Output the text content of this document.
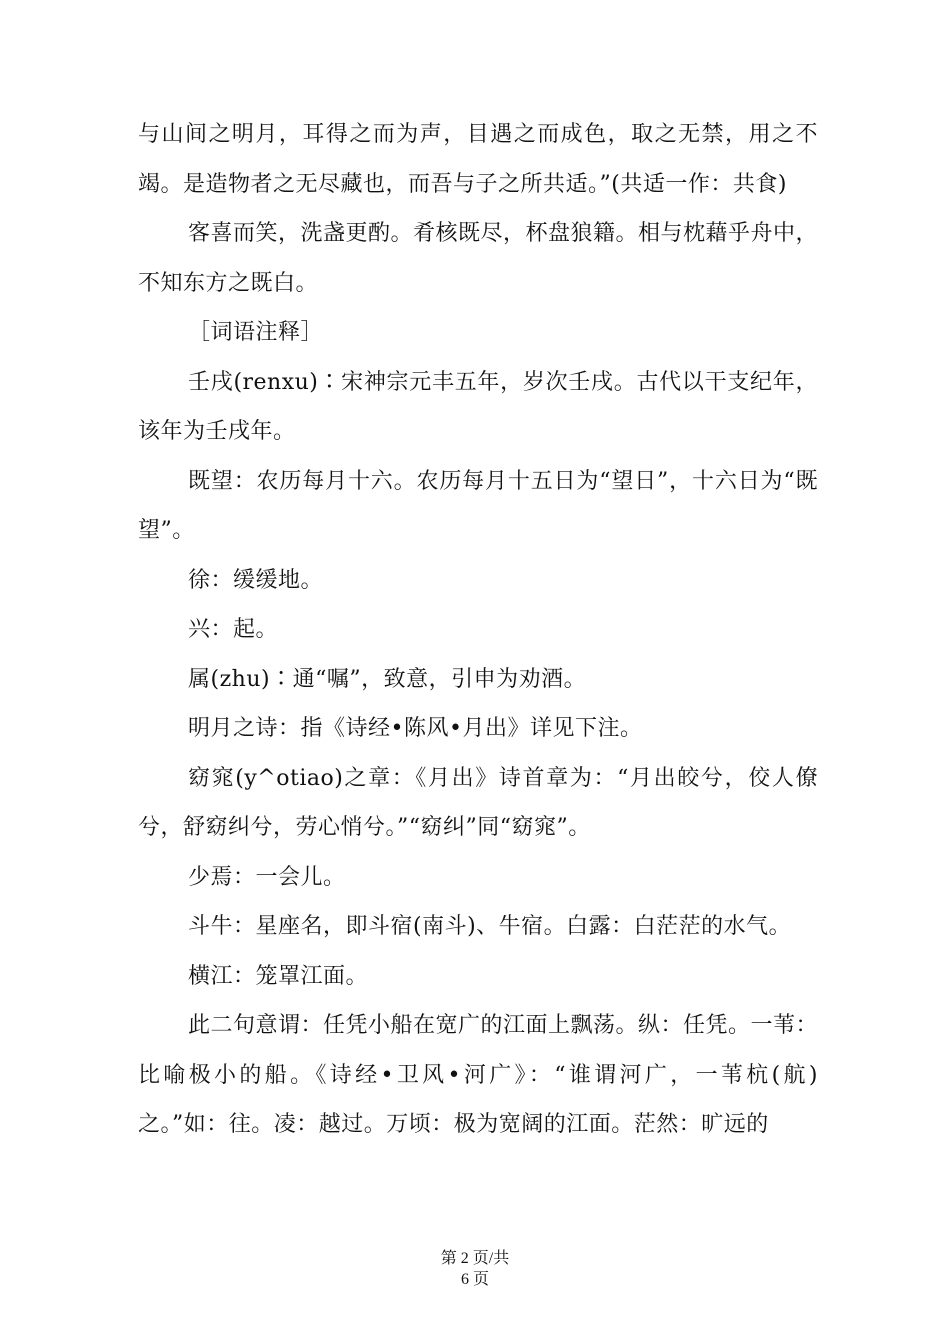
与山间之明月，耳得之而为声，目遇之而成色，取之无禁，用之不竭。是造物者之无尽藏也，而吾与子之所共适。”(共适一作：共食)

客喜而笑，洗盏更酌。肴核既尽，杯盘狼籍。相与枕藉乎舟中，不知东方之既白。

［词语注释］

壬戌(renxu)∶宋神宗元丰五年，岁次壬戌。古代以干支纪年，该年为壬戌年。

既望：农历每月十六。农历每月十五日为“望日”，十六日为“既望”。

徐：缓缓地。

兴：起。

属(zhu)∶通“嘱”，致意，引申为劝酒。

明月之诗：指《诗经•陈风•月出》详见下注。

窈窕(y^otiao)之章：《月出》诗首章为：“月出皎兮，佼人僚兮，舒窈纠兮，劳心悄兮。”“窈纠”同“窈窕”。

少焉：一会儿。

斗牛：星座名，即斗宿(南斗)、牛宿。白露：白茫茫的水气。

横江：笼罩江面。

此二句意谓：任凭小船在宽广的江面上飘荡。纵：任凭。一苇：比喻极小的船。《诗经•卫风•河广》：“谁谓河广，一苇杭(航)之。”如：往。凌：越过。万顷：极为宽阔的江面。茫然：旷远的

第 2 页/共
6 页
